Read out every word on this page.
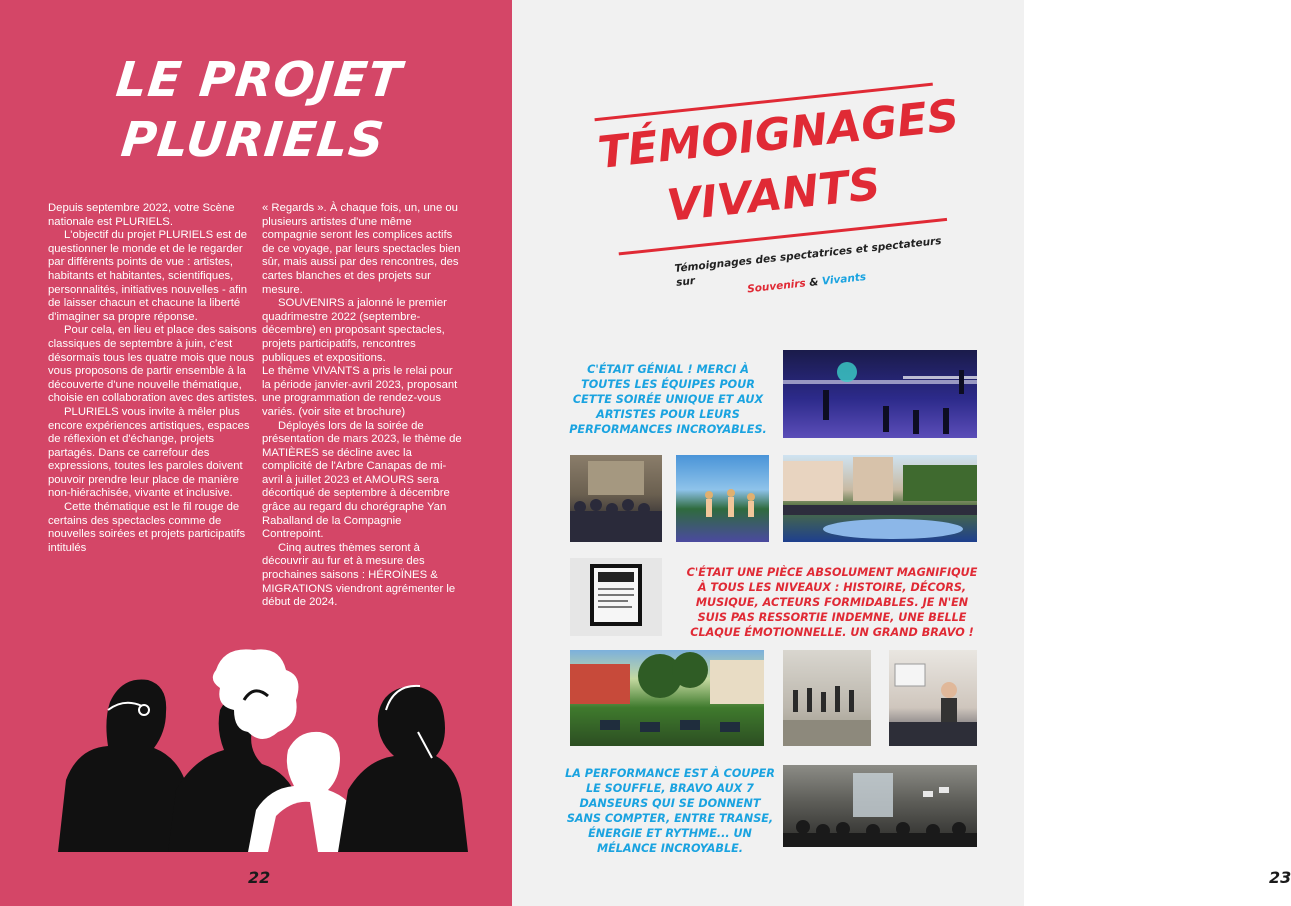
LE PROJET
PLURIELS

Depuis septembre 2022, votre Scène nationale est PLURIELS.

L'objectif du projet PLURIELS est de questionner le monde et de le regarder par différents points de vue : artistes, habitants et habitantes, scientifiques, personnalités, initiatives nouvelles - afin de laisser chacun et chacune la liberté d'imaginer sa propre réponse.

Pour cela, en lieu et place des saisons classiques de septembre à juin, c'est désormais tous les quatre mois que nous vous proposons de partir ensemble à la découverte d'une nouvelle thématique, choisie en collaboration avec des artistes.

PLURIELS vous invite à mêler plus encore expériences artistiques, espaces de réflexion et d'échange, projets partagés. Dans ce carrefour des expressions, toutes les paroles doivent pouvoir prendre leur place de manière non-hiérachisée, vivante et inclusive.

Cette thématique est le fil rouge de certains des spectacles comme de nouvelles soirées et projets participatifs intitulés

« Regards ». À chaque fois, un, une ou plusieurs artistes d'une même compagnie seront les complices actifs de ce voyage, par leurs spectacles bien sûr, mais aussi par des rencontres, des cartes blanches et des projets sur mesure.

SOUVENIRS a jalonné le premier quadrimestre 2022 (septembre-décembre) en proposant spectacles, projets participatifs, rencontres publiques et expositions.

Le thème VIVANTS a pris le relai pour la période janvier-avril 2023, proposant une programmation de rendez-vous variés. (voir site et brochure)

Déployés lors de la soirée de présentation de mars 2023, le thème de MATIÈRES se décline avec la complicité de l'Arbre Canapas de mi-avril à juillet 2023 et AMOURS sera décortiqué de septembre à décembre grâce au regard du chorégraphe Yan Raballand de la Compagnie Contrepoint.

Cinq autres thèmes seront à découvrir au fur et à mesure des prochaines saisons : HÉROÏNES & MIGRATIONS viendront agrémenter le début de 2024.

22
TÉMOIGNAGES
VIVANTS
Témoignages des spectatrices et spectateurs sur	Souvenirs & Vivants
C'ÉTAIT GÉNIAL ! MERCI À TOUTES LES ÉQUIPES POUR CETTE SOIRÉE UNIQUE ET AUX ARTISTES POUR LEURS PERFORMANCES INCROYABLES.
C'ÉTAIT UNE PIÈCE ABSOLUMENT MAGNIFIQUE À TOUS LES NIVEAUX : HISTOIRE, DÉCORS, MUSIQUE, ACTEURS FORMIDABLES. JE N'EN SUIS PAS RESSORTIE INDEMNE, UNE BELLE CLAQUE ÉMOTIONNELLE. UN GRAND BRAVO !
LA PERFORMANCE EST À COUPER LE SOUFFLE, BRAVO AUX 7 DANSEURS QUI SE DONNENT SANS COMPTER, ENTRE TRANSE, ÉNERGIE ET RYTHME... UN MÉLANCE INCROYABLE.
23
